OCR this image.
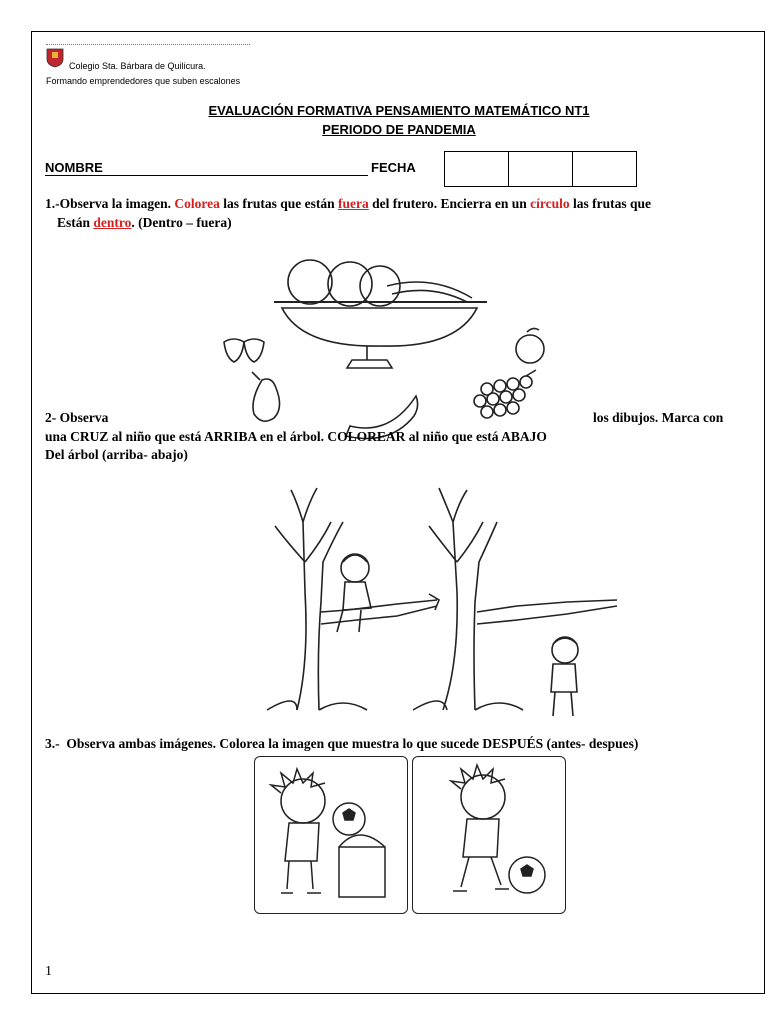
Colegio Sta. Bárbara de Quilicura.
Formando emprendedores que suben escalones
EVALUACIÓN FORMATIVA PENSAMIENTO MATEMÁTICO NT1
PERIODO DE PANDEMIA
NOMBRE	FECHA
1.-Observa la imagen. Colorea las frutas que están fuera del frutero. Encierra en un círculo las frutas que
Están dentro. (Dentro – fuera)
2- Observa	los dibujos. Marca con
una CRUZ al niño que está ARRIBA en el árbol. COLOREAR al niño que está ABAJO
Del árbol (arriba- abajo)
3.- Observa ambas imágenes. Colorea la imagen que muestra lo que sucede DESPUÉS (antes- despues)
1
